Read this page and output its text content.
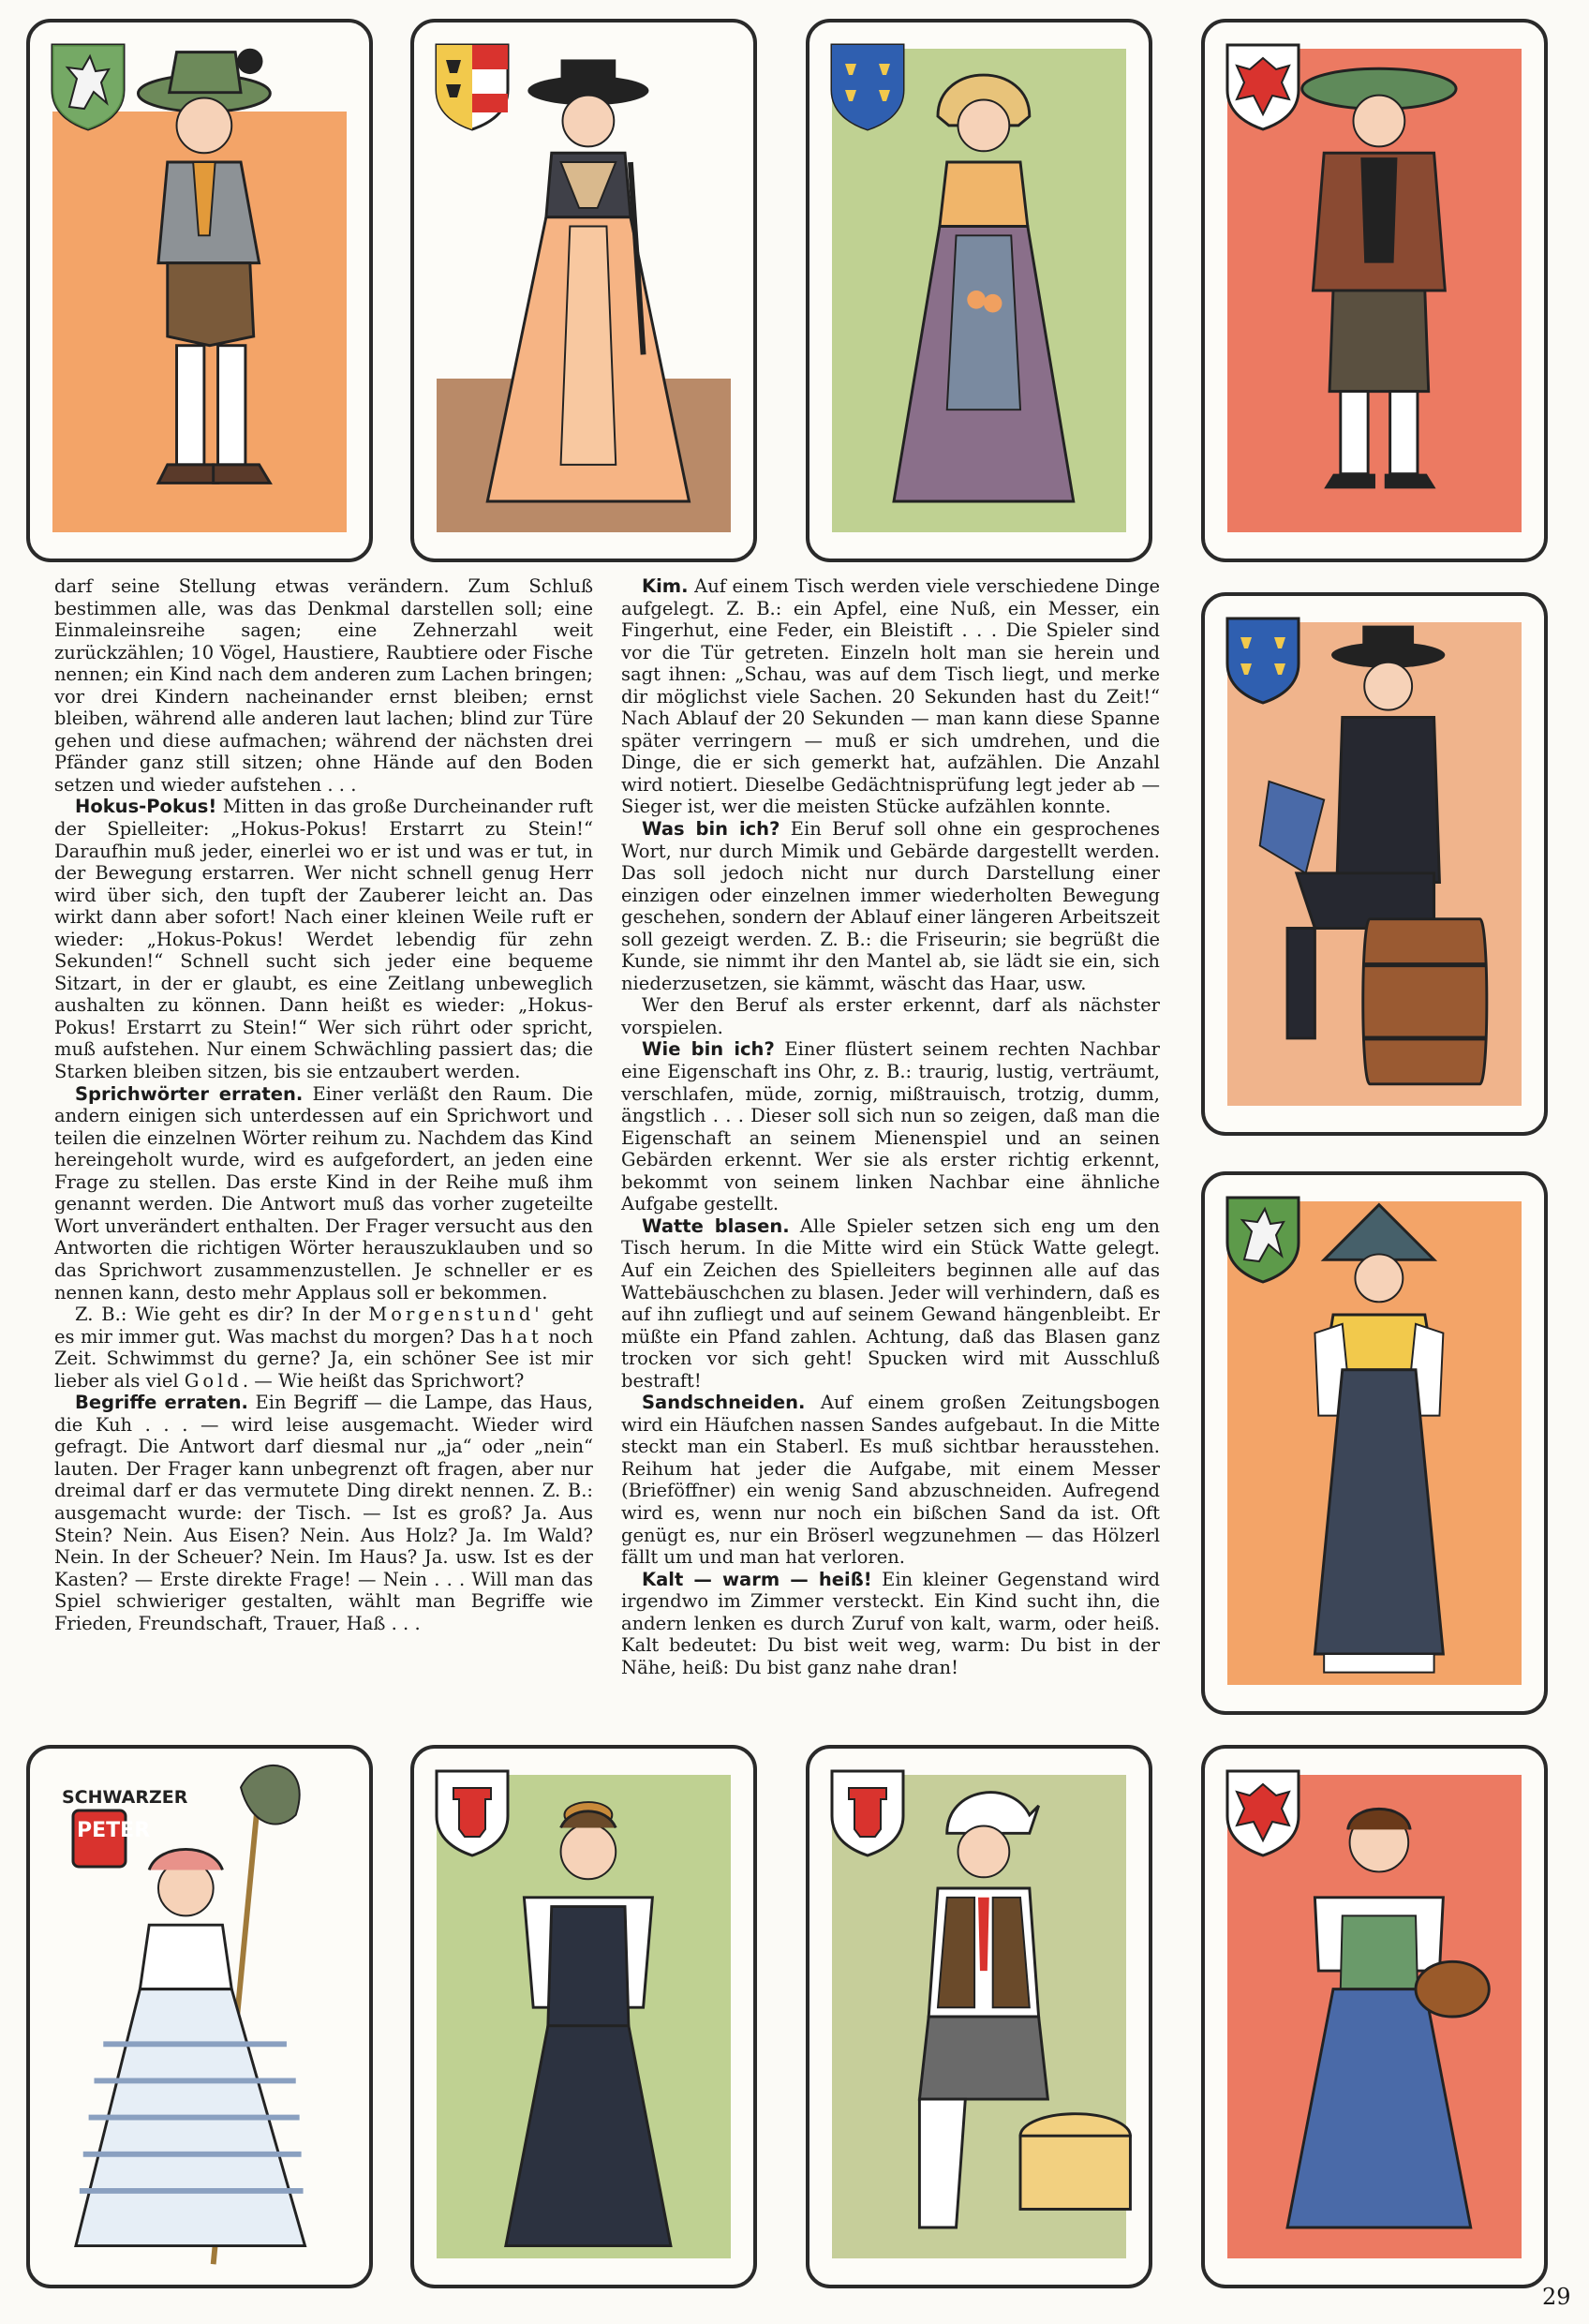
SCHWARZER
PETER

darf seine Stellung etwas verändern. Zum Schluß bestimmen alle, was das Denkmal darstellen soll; eine Einmaleinsreihe sagen; eine Zehnerzahl weit zurückzählen; 10 Vögel, Haustiere, Raubtiere oder Fische nennen; ein Kind nach dem anderen zum Lachen bringen; vor drei Kindern nacheinander ernst bleiben; ernst bleiben, während alle anderen laut lachen; blind zur Türe gehen und diese aufmachen; während der nächsten drei Pfänder ganz still sitzen; ohne Hände auf den Boden setzen und wieder aufstehen . . .

Hokus-Pokus! Mitten in das große Durcheinander ruft der Spielleiter: „Hokus-Pokus! Erstarrt zu Stein!“ Daraufhin muß jeder, einerlei wo er ist und was er tut, in der Bewegung erstarren. Wer nicht schnell genug Herr wird über sich, den tupft der Zauberer leicht an. Das wirkt dann aber sofort! Nach einer kleinen Weile ruft er wieder: „Hokus-Pokus! Werdet lebendig für zehn Sekunden!“ Schnell sucht sich jeder eine bequeme Sitzart, in der er glaubt, es eine Zeitlang unbeweglich aushalten zu können. Dann heißt es wieder: „Hokus-Pokus! Erstarrt zu Stein!“ Wer sich rührt oder spricht, muß aufstehen. Nur einem Schwächling passiert das; die Starken bleiben sitzen, bis sie entzaubert werden.

Sprichwörter erraten. Einer verläßt den Raum. Die andern einigen sich unterdessen auf ein Sprichwort und teilen die einzelnen Wörter reihum zu. Nachdem das Kind hereingeholt wurde, wird es aufgefordert, an jeden eine Frage zu stellen. Das erste Kind in der Reihe muß ihm genannt werden. Die Antwort muß das vorher zugeteilte Wort unverändert enthalten. Der Frager versucht aus den Antworten die richtigen Wörter herauszuklauben und so das Sprichwort zusammenzustellen. Je schneller er es nennen kann, desto mehr Applaus soll er bekommen.

Z. B.: Wie geht es dir? In der Morgenstund' geht es mir immer gut. Was machst du morgen? Das hat noch Zeit. Schwimmst du gerne? Ja, ein schöner See ist mir lieber als viel Gold. — Wie heißt das Sprichwort?

Begriffe erraten. Ein Begriff — die Lampe, das Haus, die Kuh . . . — wird leise ausgemacht. Wieder wird gefragt. Die Antwort darf diesmal nur „ja“ oder „nein“ lauten. Der Frager kann unbegrenzt oft fragen, aber nur dreimal darf er das vermutete Ding direkt nennen. Z. B.: ausgemacht wurde: der Tisch. — Ist es groß? Ja. Aus Stein? Nein. Aus Eisen? Nein. Aus Holz? Ja. Im Wald? Nein. In der Scheuer? Nein. Im Haus? Ja. usw. Ist es der Kasten? — Erste direkte Frage! — Nein . . . Will man das Spiel schwieriger gestalten, wählt man Begriffe wie Frieden, Freundschaft, Trauer, Haß . . .

Kim. Auf einem Tisch werden viele verschiedene Dinge aufgelegt. Z. B.: ein Apfel, eine Nuß, ein Messer, ein Fingerhut, eine Feder, ein Bleistift . . . Die Spieler sind vor die Tür getreten. Einzeln holt man sie herein und sagt ihnen: „Schau, was auf dem Tisch liegt, und merke dir möglichst viele Sachen. 20 Sekunden hast du Zeit!“ Nach Ablauf der 20 Sekunden — man kann diese Spanne später verringern — muß er sich umdrehen, und die Dinge, die er sich gemerkt hat, aufzählen. Die Anzahl wird notiert. Dieselbe Gedächtnisprüfung legt jeder ab — Sieger ist, wer die meisten Stücke aufzählen konnte.

Was bin ich? Ein Beruf soll ohne ein gesprochenes Wort, nur durch Mimik und Gebärde dargestellt werden. Das soll jedoch nicht nur durch Darstellung einer einzigen oder einzelnen immer wiederholten Bewegung geschehen, sondern der Ablauf einer längeren Arbeitszeit soll gezeigt werden. Z. B.: die Friseurin; sie begrüßt die Kunde, sie nimmt ihr den Mantel ab, sie lädt sie ein, sich niederzusetzen, sie kämmt, wäscht das Haar, usw.

Wer den Beruf als erster erkennt, darf als nächster vorspielen.

Wie bin ich? Einer flüstert seinem rechten Nachbar eine Eigenschaft ins Ohr, z. B.: traurig, lustig, verträumt, verschlafen, müde, zornig, mißtrauisch, trotzig, dumm, ängstlich . . . Dieser soll sich nun so zeigen, daß man die Eigenschaft an seinem Mienenspiel und an seinen Gebärden erkennt. Wer sie als erster richtig erkennt, bekommt von seinem linken Nachbar eine ähnliche Aufgabe gestellt.

Watte blasen. Alle Spieler setzen sich eng um den Tisch herum. In die Mitte wird ein Stück Watte gelegt. Auf ein Zeichen des Spielleiters beginnen alle auf das Wattebäuschchen zu blasen. Jeder will verhindern, daß es auf ihn zufliegt und auf seinem Gewand hängenbleibt. Er müßte ein Pfand zahlen. Achtung, daß das Blasen ganz trocken vor sich geht! Spucken wird mit Ausschluß bestraft!

Sandschneiden. Auf einem großen Zeitungsbogen wird ein Häufchen nassen Sandes aufgebaut. In die Mitte steckt man ein Staberl. Es muß sichtbar herausstehen. Reihum hat jeder die Aufgabe, mit einem Messer (Brieföffner) ein wenig Sand abzuschneiden. Aufregend wird es, wenn nur noch ein bißchen Sand da ist. Oft genügt es, nur ein Bröserl wegzunehmen — das Hölzerl fällt um und man hat verloren.

Kalt — warm — heiß! Ein kleiner Gegenstand wird irgendwo im Zimmer versteckt. Ein Kind sucht ihn, die andern lenken es durch Zuruf von kalt, warm, oder heiß. Kalt bedeutet: Du bist weit weg, warm: Du bist in der Nähe, heiß: Du bist ganz nahe dran!

29
